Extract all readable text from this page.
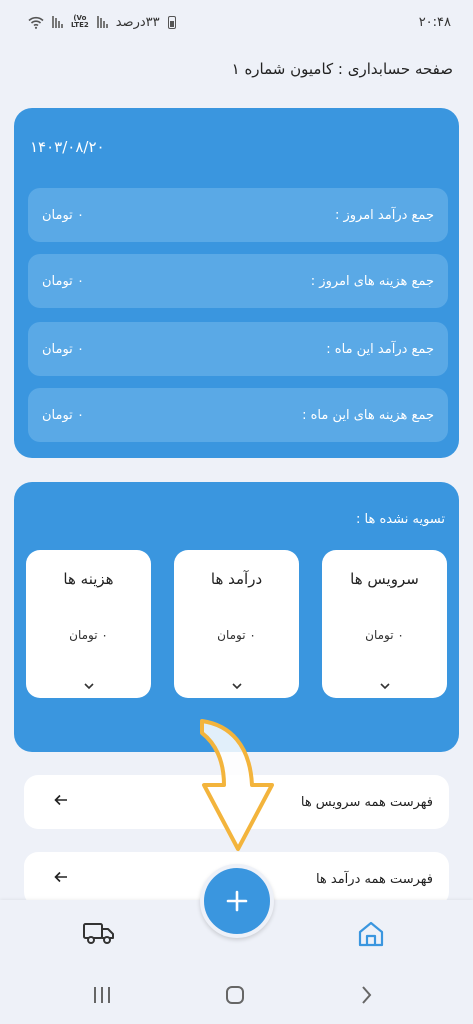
۳۳درصد
Vo)
LTE2	۲۰:۴۸
صفحه حسابداری : کامیون شماره ۱
۱۴۰۳/۰۸/۲۰
۰ تومان	جمع درآمد امروز :
۰ تومان	جمع هزینه های امروز :
۰ تومان	جمع درآمد این ماه :
۰ تومان	جمع هزینه های این ماه :
تسویه نشده ها :
هزینه ها
۰ تومان
درآمد ها
۰ تومان
سرویس ها
۰ تومان
فهرست همه سرویس ها
فهرست همه درآمد ها
